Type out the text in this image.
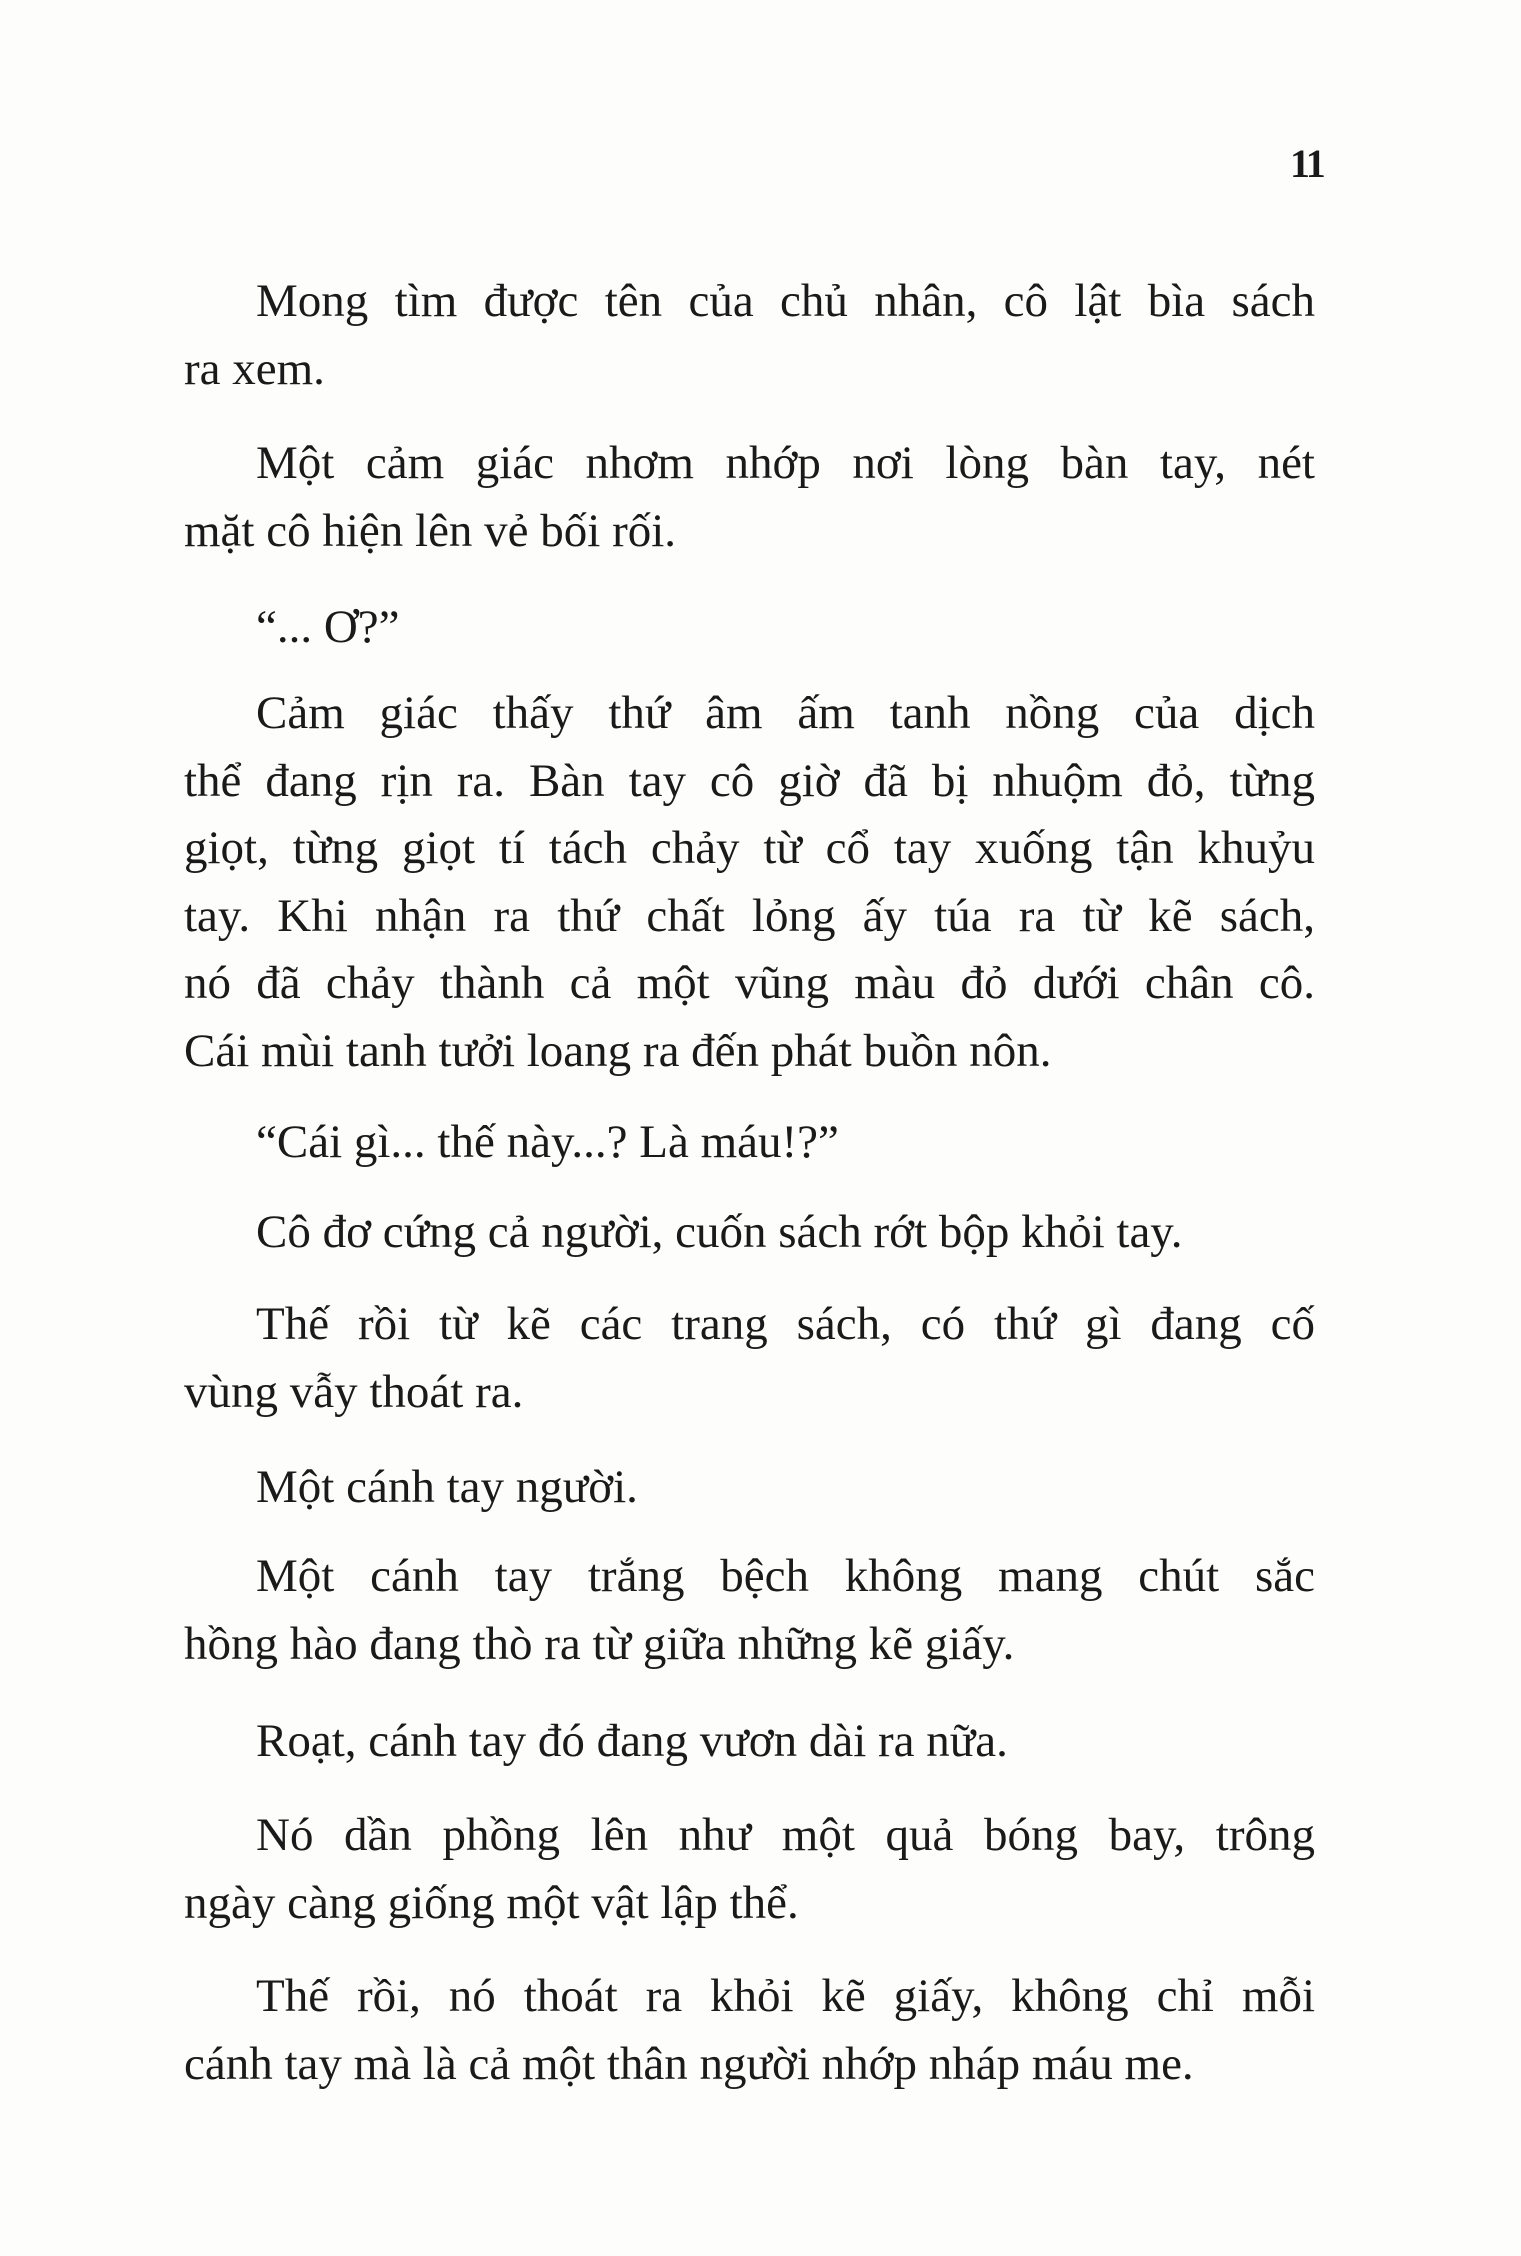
11
Mong tìm được tên của chủ nhân, cô lật bìa sách
ra xem.
Một cảm giác nhơm nhớp nơi lòng bàn tay, nét
mặt cô hiện lên vẻ bối rối.
“... Ơ?”
Cảm giác thấy thứ âm ấm tanh nồng của dịch
thể đang rịn ra. Bàn tay cô giờ đã bị nhuộm đỏ, từng
giọt, từng giọt tí tách chảy từ cổ tay xuống tận khuỷu
tay. Khi nhận ra thứ chất lỏng ấy túa ra từ kẽ sách,
nó đã chảy thành cả một vũng màu đỏ dưới chân cô.
Cái mùi tanh tưởi loang ra đến phát buồn nôn.
“Cái gì... thế này...? Là máu!?”
Cô đơ cứng cả người, cuốn sách rớt bộp khỏi tay.
Thế rồi từ kẽ các trang sách, có thứ gì đang cố
vùng vẫy thoát ra.
Một cánh tay người.
Một cánh tay trắng bệch không mang chút sắc
hồng hào đang thò ra từ giữa những kẽ giấy.
Roạt, cánh tay đó đang vươn dài ra nữa.
Nó dần phồng lên như một quả bóng bay, trông
ngày càng giống một vật lập thể.
Thế rồi, nó thoát ra khỏi kẽ giấy, không chỉ mỗi
cánh tay mà là cả một thân người nhớp nháp máu me.
